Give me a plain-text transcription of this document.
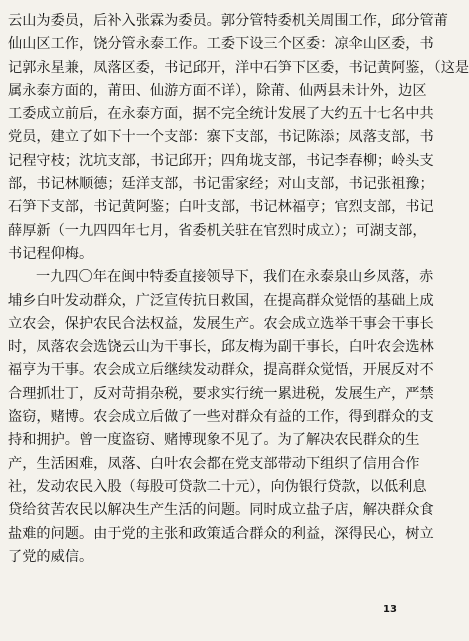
云山为委员，后补入张霖为委员。郭分管特委机关周围工作，邱分管莆
仙山区工作，饶分管永泰工作。工委下设三个区委：凉伞山区委，书
记郭永星兼，凤落区委，书记邱开，洋中石笋下区委，书记黄阿鉴，（这是
属永泰方面的，莆田、仙游方面不详），除莆、仙两县未计外，边区
工委成立前后，在永泰方面，据不完全统计发展了大约五十七名中共
党员，建立了如下十一个支部：寨下支部，书记陈添；凤落支部，书
记程守枝；沈坑支部，书记邱开；四角垅支部，书记李春柳；岭头支
部，书记林顺德；廷洋支部，书记雷家经；对山支部，书记张祖豫；
石笋下支部，书记黄阿鉴；白叶支部，书记林福亨；官烈支部，书记
薛厚新（一九四四年七月，省委机关驻在官烈时成立）；可湖支部，
书记程仰梅。
一九四〇年在闽中特委直接领导下，我们在永泰泉山乡凤落，赤
埔乡白叶发动群众，广泛宣传抗日救国，在提高群众觉悟的基础上成
立农会，保护农民合法权益，发展生产。农会成立选举干事会干事长
时，凤落农会选饶云山为干事长，邱友梅为副干事长，白叶农会选林
福亨为干事。农会成立后继续发动群众，提高群众觉悟，开展反对不
合理抓壮丁，反对苛捐杂税，要求实行统一累进税，发展生产，严禁
盗窃，赌博。农会成立后做了一些对群众有益的工作，得到群众的支
持和拥护。曾一度盗窃、赌博现象不见了。为了解决农民群众的生
产，生活困难，凤落、白叶农会都在党支部带动下组织了信用合作
社，发动农民入股（每股可贷款二十元），向伪银行贷款，以低利息
贷给贫苦农民以解决生产生活的问题。同时成立盐子店，解决群众食
盐难的问题。由于党的主张和政策适合群众的利益，深得民心，树立
了党的威信。
13
